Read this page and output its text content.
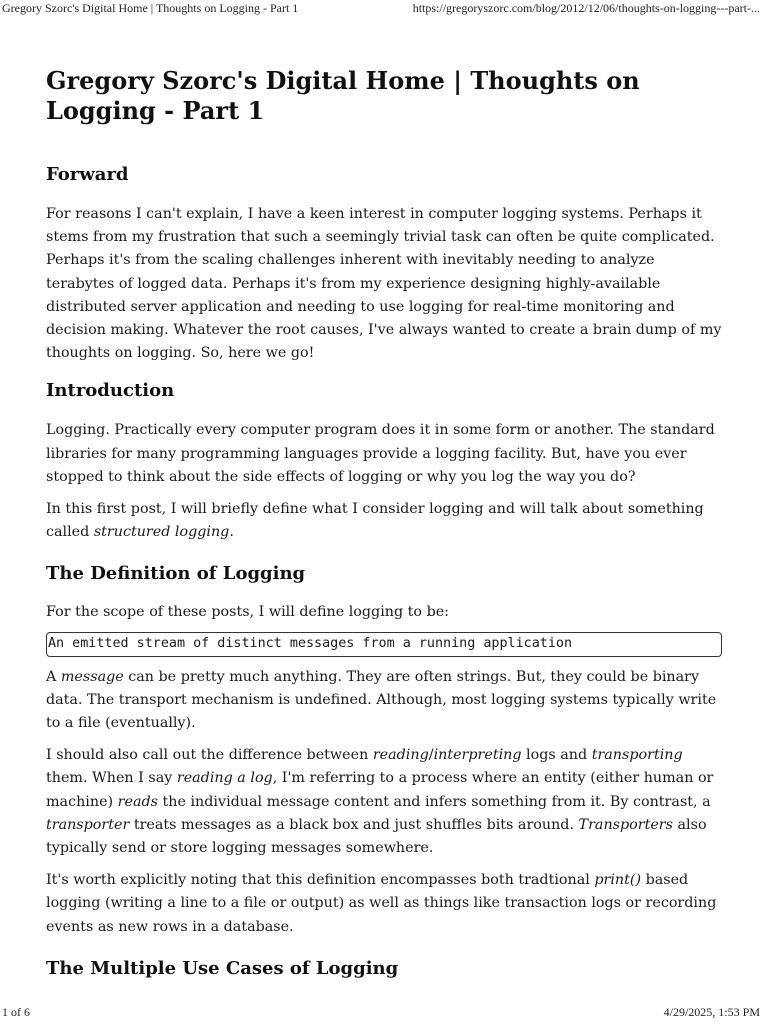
Gregory Szorc's Digital Home | Thoughts on Logging - Part 1	https://gregoryszorc.com/blog/2012/12/06/thoughts-on-logging---part-...
Gregory Szorc's Digital Home | Thoughts on Logging - Part 1
Forward

For reasons I can't explain, I have a keen interest in computer logging systems. Perhaps it stems from my frustration that such a seemingly trivial task can often be quite complicated. Perhaps it's from the scaling challenges inherent with inevitably needing to analyze terabytes of logged data. Perhaps it's from my experience designing highly-available distributed server application and needing to use logging for real-time monitoring and decision making. Whatever the root causes, I've always wanted to create a brain dump of my thoughts on logging. So, here we go!

Introduction

Logging. Practically every computer program does it in some form or another. The standard libraries for many programming languages provide a logging facility. But, have you ever stopped to think about the side effects of logging or why you log the way you do?

In this first post, I will briefly define what I consider logging and will talk about something called structured logging.

The Definition of Logging

For the scope of these posts, I will define logging to be:

An emitted stream of distinct messages from a running application

A message can be pretty much anything. They are often strings. But, they could be binary data. The transport mechanism is undefined. Although, most logging systems typically write to a file (eventually).

I should also call out the difference between reading/interpreting logs and transporting them. When I say reading a log, I'm referring to a process where an entity (either human or machine) reads the individual message content and infers something from it. By contrast, a transporter treats messages as a black box and just shuffles bits around. Transporters also typically send or store logging messages somewhere.

It's worth explicitly noting that this definition encompasses both tradtional print() based logging (writing a line to a file or output) as well as things like transaction logs or recording events as new rows in a database.

The Multiple Use Cases of Logging
1 of 6	4/29/2025, 1:53 PM
